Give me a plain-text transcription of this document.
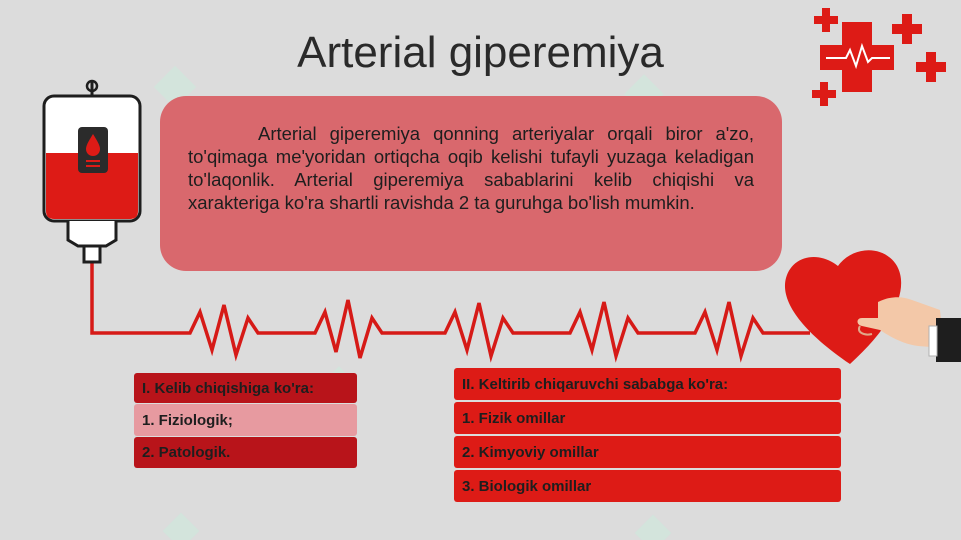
Arterial giperemiya

Arterial giperemiya qonning arteriyalar orqali biror a'zo, to'qimaga me'yoridan ortiqcha oqib kelishi tufayli yuzaga keladigan to'laqonlik. Arterial giperemiya sabablarini kelib chiqishi va xarakteriga ko'ra shartli ravishda 2 ta guruhga bo'lish mumkin.

I. Kelib chiqishiga ko'ra:
1. Fiziologik;
2. Patologik.
II. Keltirib chiqaruvchi sababga ko'ra:
1. Fizik omillar
2. Kimyoviy omillar
3. Biologik omillar
